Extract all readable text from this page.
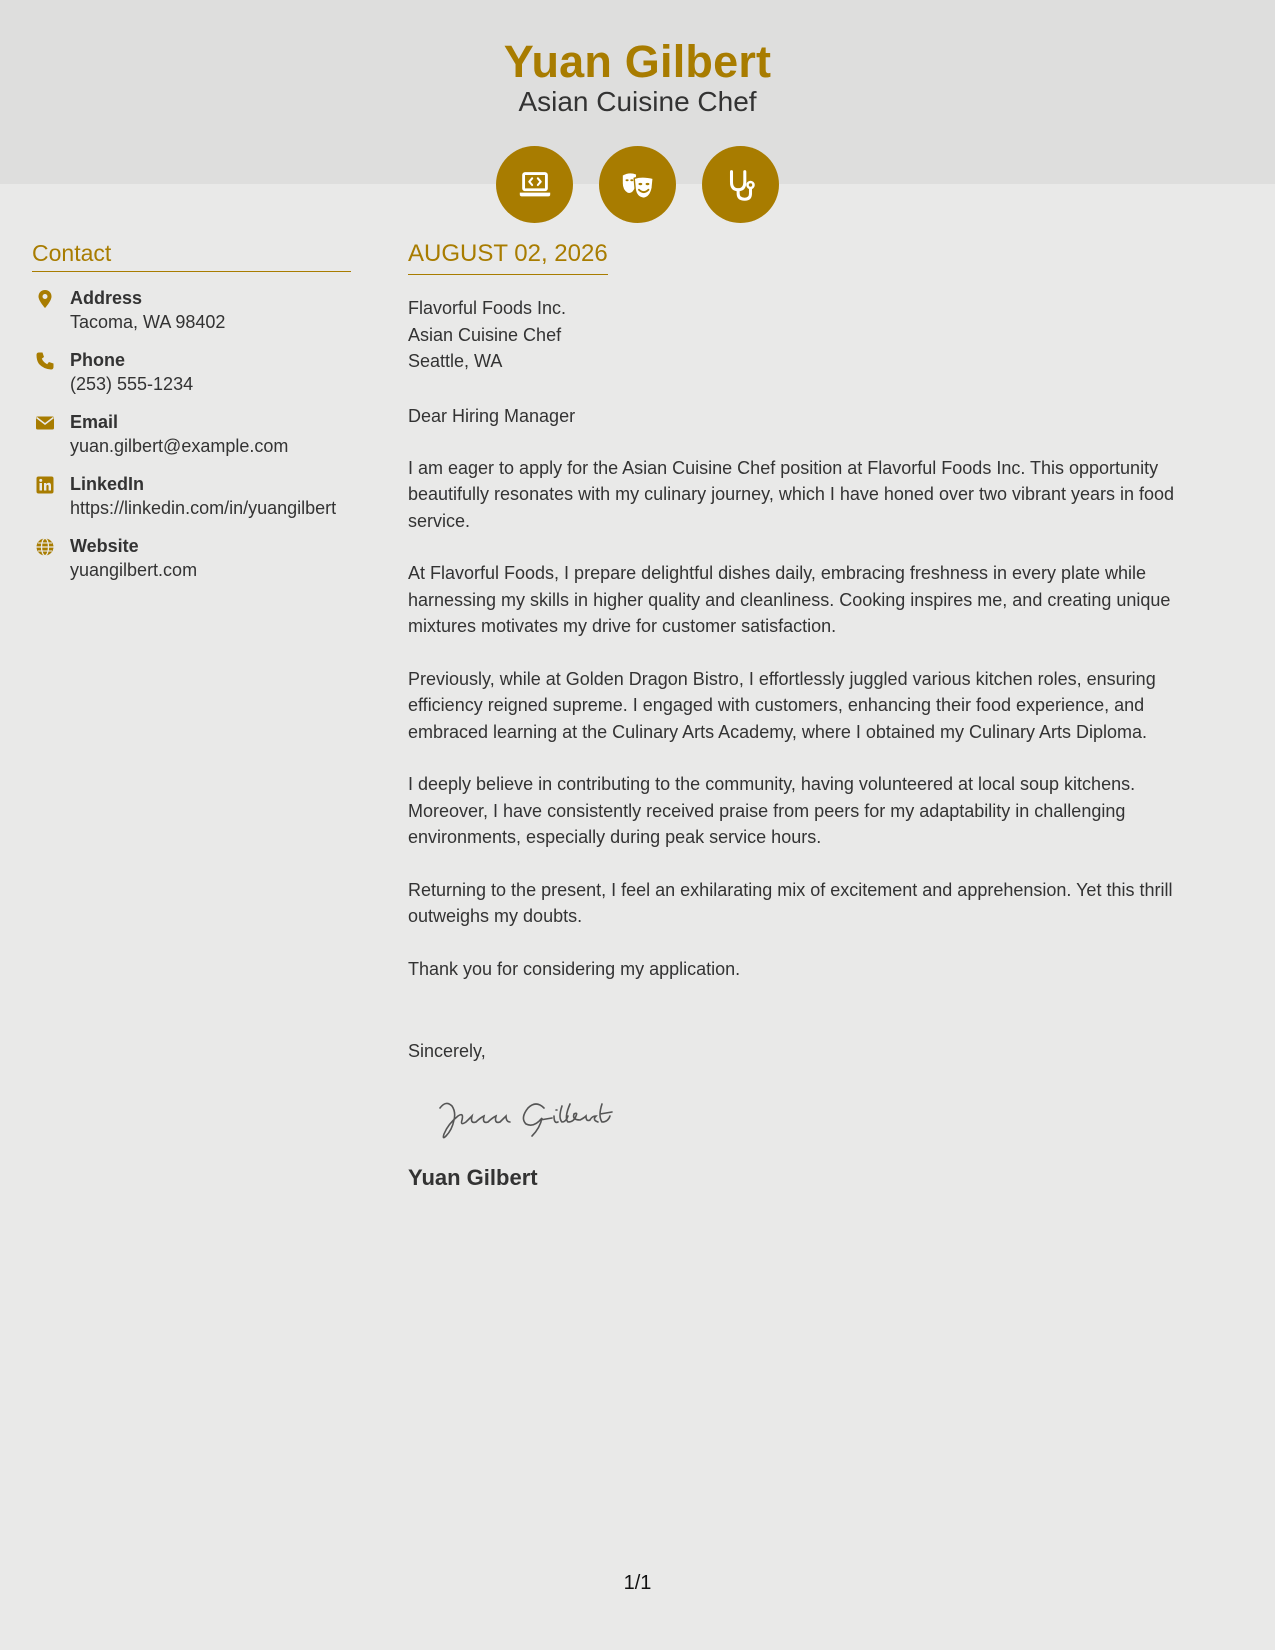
Yuan Gilbert
Asian Cuisine Chef
Contact
Address
Tacoma, WA 98402
Phone
(253) 555-1234
Email
yuan.gilbert@example.com
LinkedIn
https://linkedin.com/in/yuangilbert
Website
yuangilbert.com
AUGUST 02, 2026
Flavorful Foods Inc.
Asian Cuisine Chef
Seattle, WA
Dear Hiring Manager
I am eager to apply for the Asian Cuisine Chef position at Flavorful Foods Inc. This opportunity beautifully resonates with my culinary journey, which I have honed over two vibrant years in food service.
At Flavorful Foods, I prepare delightful dishes daily, embracing freshness in every plate while harnessing my skills in higher quality and cleanliness. Cooking inspires me, and creating unique mixtures motivates my drive for customer satisfaction.
Previously, while at Golden Dragon Bistro, I effortlessly juggled various kitchen roles, ensuring efficiency reigned supreme. I engaged with customers, enhancing their food experience, and embraced learning at the Culinary Arts Academy, where I obtained my Culinary Arts Diploma.
I deeply believe in contributing to the community, having volunteered at local soup kitchens. Moreover, I have consistently received praise from peers for my adaptability in challenging environments, especially during peak service hours.
Returning to the present, I feel an exhilarating mix of excitement and apprehension. Yet this thrill outweighs my doubts.
Thank you for considering my application.
Sincerely,
Yuan Gilbert
1/1
